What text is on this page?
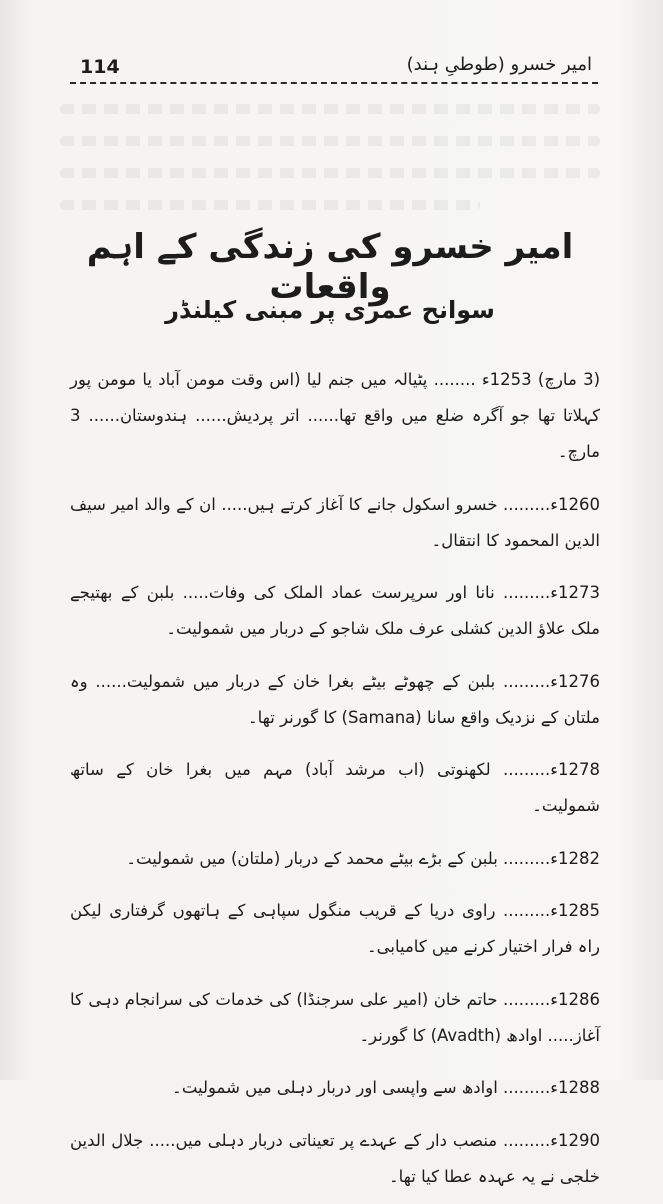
114	امیر خسرو (طوطیِ ہند)
امیر خسرو کی زندگی کے اہم واقعات
سوانح عمری پر مبنی کیلنڈر

(3 مارچ) 1253ء ........ پٹیالہ میں جنم لیا (اس وقت مومن آباد یا مومن پور کہلاتا تھا جو آگرہ ضلع میں واقع تھا...... اتر پردیش...... ہندوستان...... 3 مارچ۔

1260ء......... خسرو اسکول جانے کا آغاز کرتے ہیں..... ان کے والد امیر سیف الدین المحمود کا انتقال۔

1273ء......... نانا اور سرپرست عماد الملک کی وفات..... بلبن کے بھتیجے ملک علاؤ الدین کشلی عرف ملک شاجو کے دربار میں شمولیت۔

1276ء......... بلبن کے چھوٹے بیٹے بغرا خان کے دربار میں شمولیت...... وہ ملتان کے نزدیک واقع سانا (Samana) کا گورنر تھا۔

1278ء......... لکھنوتی (اب مرشد آباد) مہم میں بغرا خان کے ساتھ شمولیت۔

1282ء......... بلبن کے بڑے بیٹے محمد کے دربار (ملتان) میں شمولیت۔

1285ء......... راوی دریا کے قریب منگول سپاہی کے ہاتھوں گرفتاری لیکن راہ فرار اختیار کرنے میں کامیابی۔

1286ء......... حاتم خان (امیر علی سرجنڈا) کی خدمات کی سرانجام دہی کا آغاز..... اوادھ (Avadth) کا گورنر۔

1288ء......... اوادھ سے واپسی اور دربار دہلی میں شمولیت۔

1290ء......... منصب دار کے عہدے پر تعیناتی دربار دہلی میں..... جلال الدین خلجی نے یہ عہدہ عطا کیا تھا۔
